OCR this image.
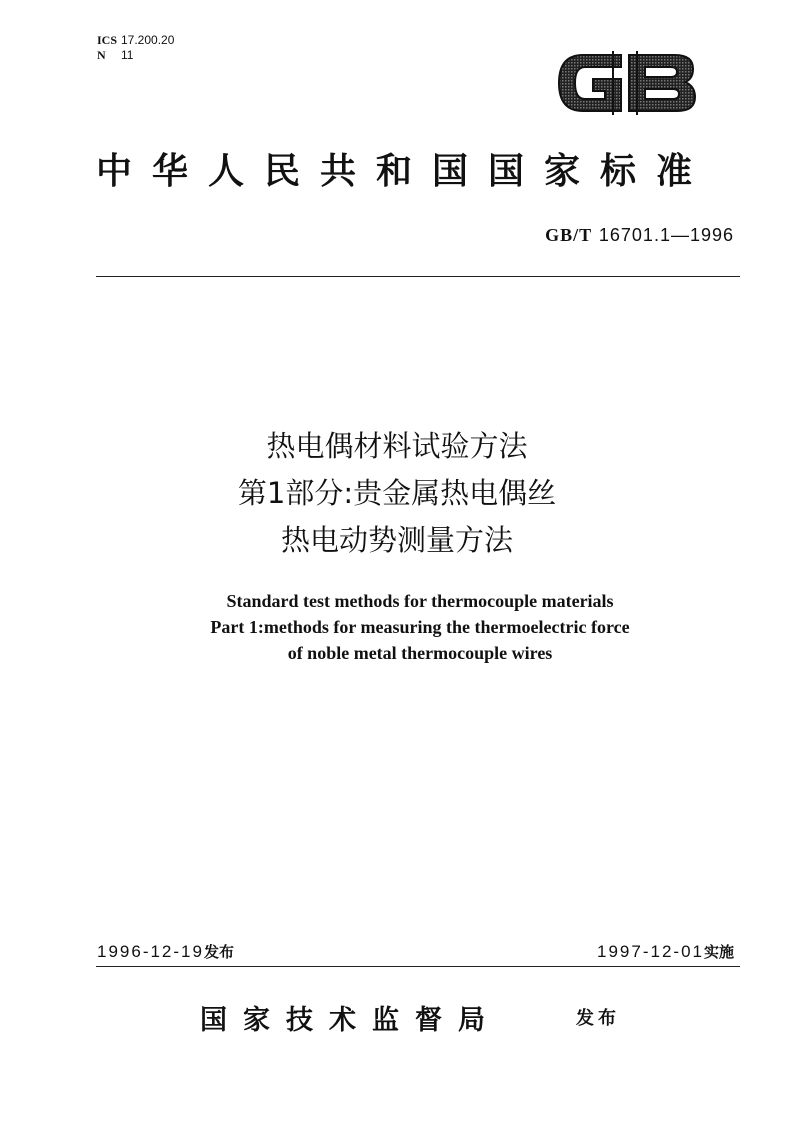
ICS 17.200.20
N 11
中华人民共和国国家标准
GB/T 16701.1—1996
热电偶材料试验方法
第1部分:贵金属热电偶丝
热电动势测量方法
Standard test methods for thermocouple materials
Part 1:methods for measuring the thermoelectric force
of noble metal thermocouple wires
1996-12-19发布	1997-12-01实施
国家技术监督局	发布
